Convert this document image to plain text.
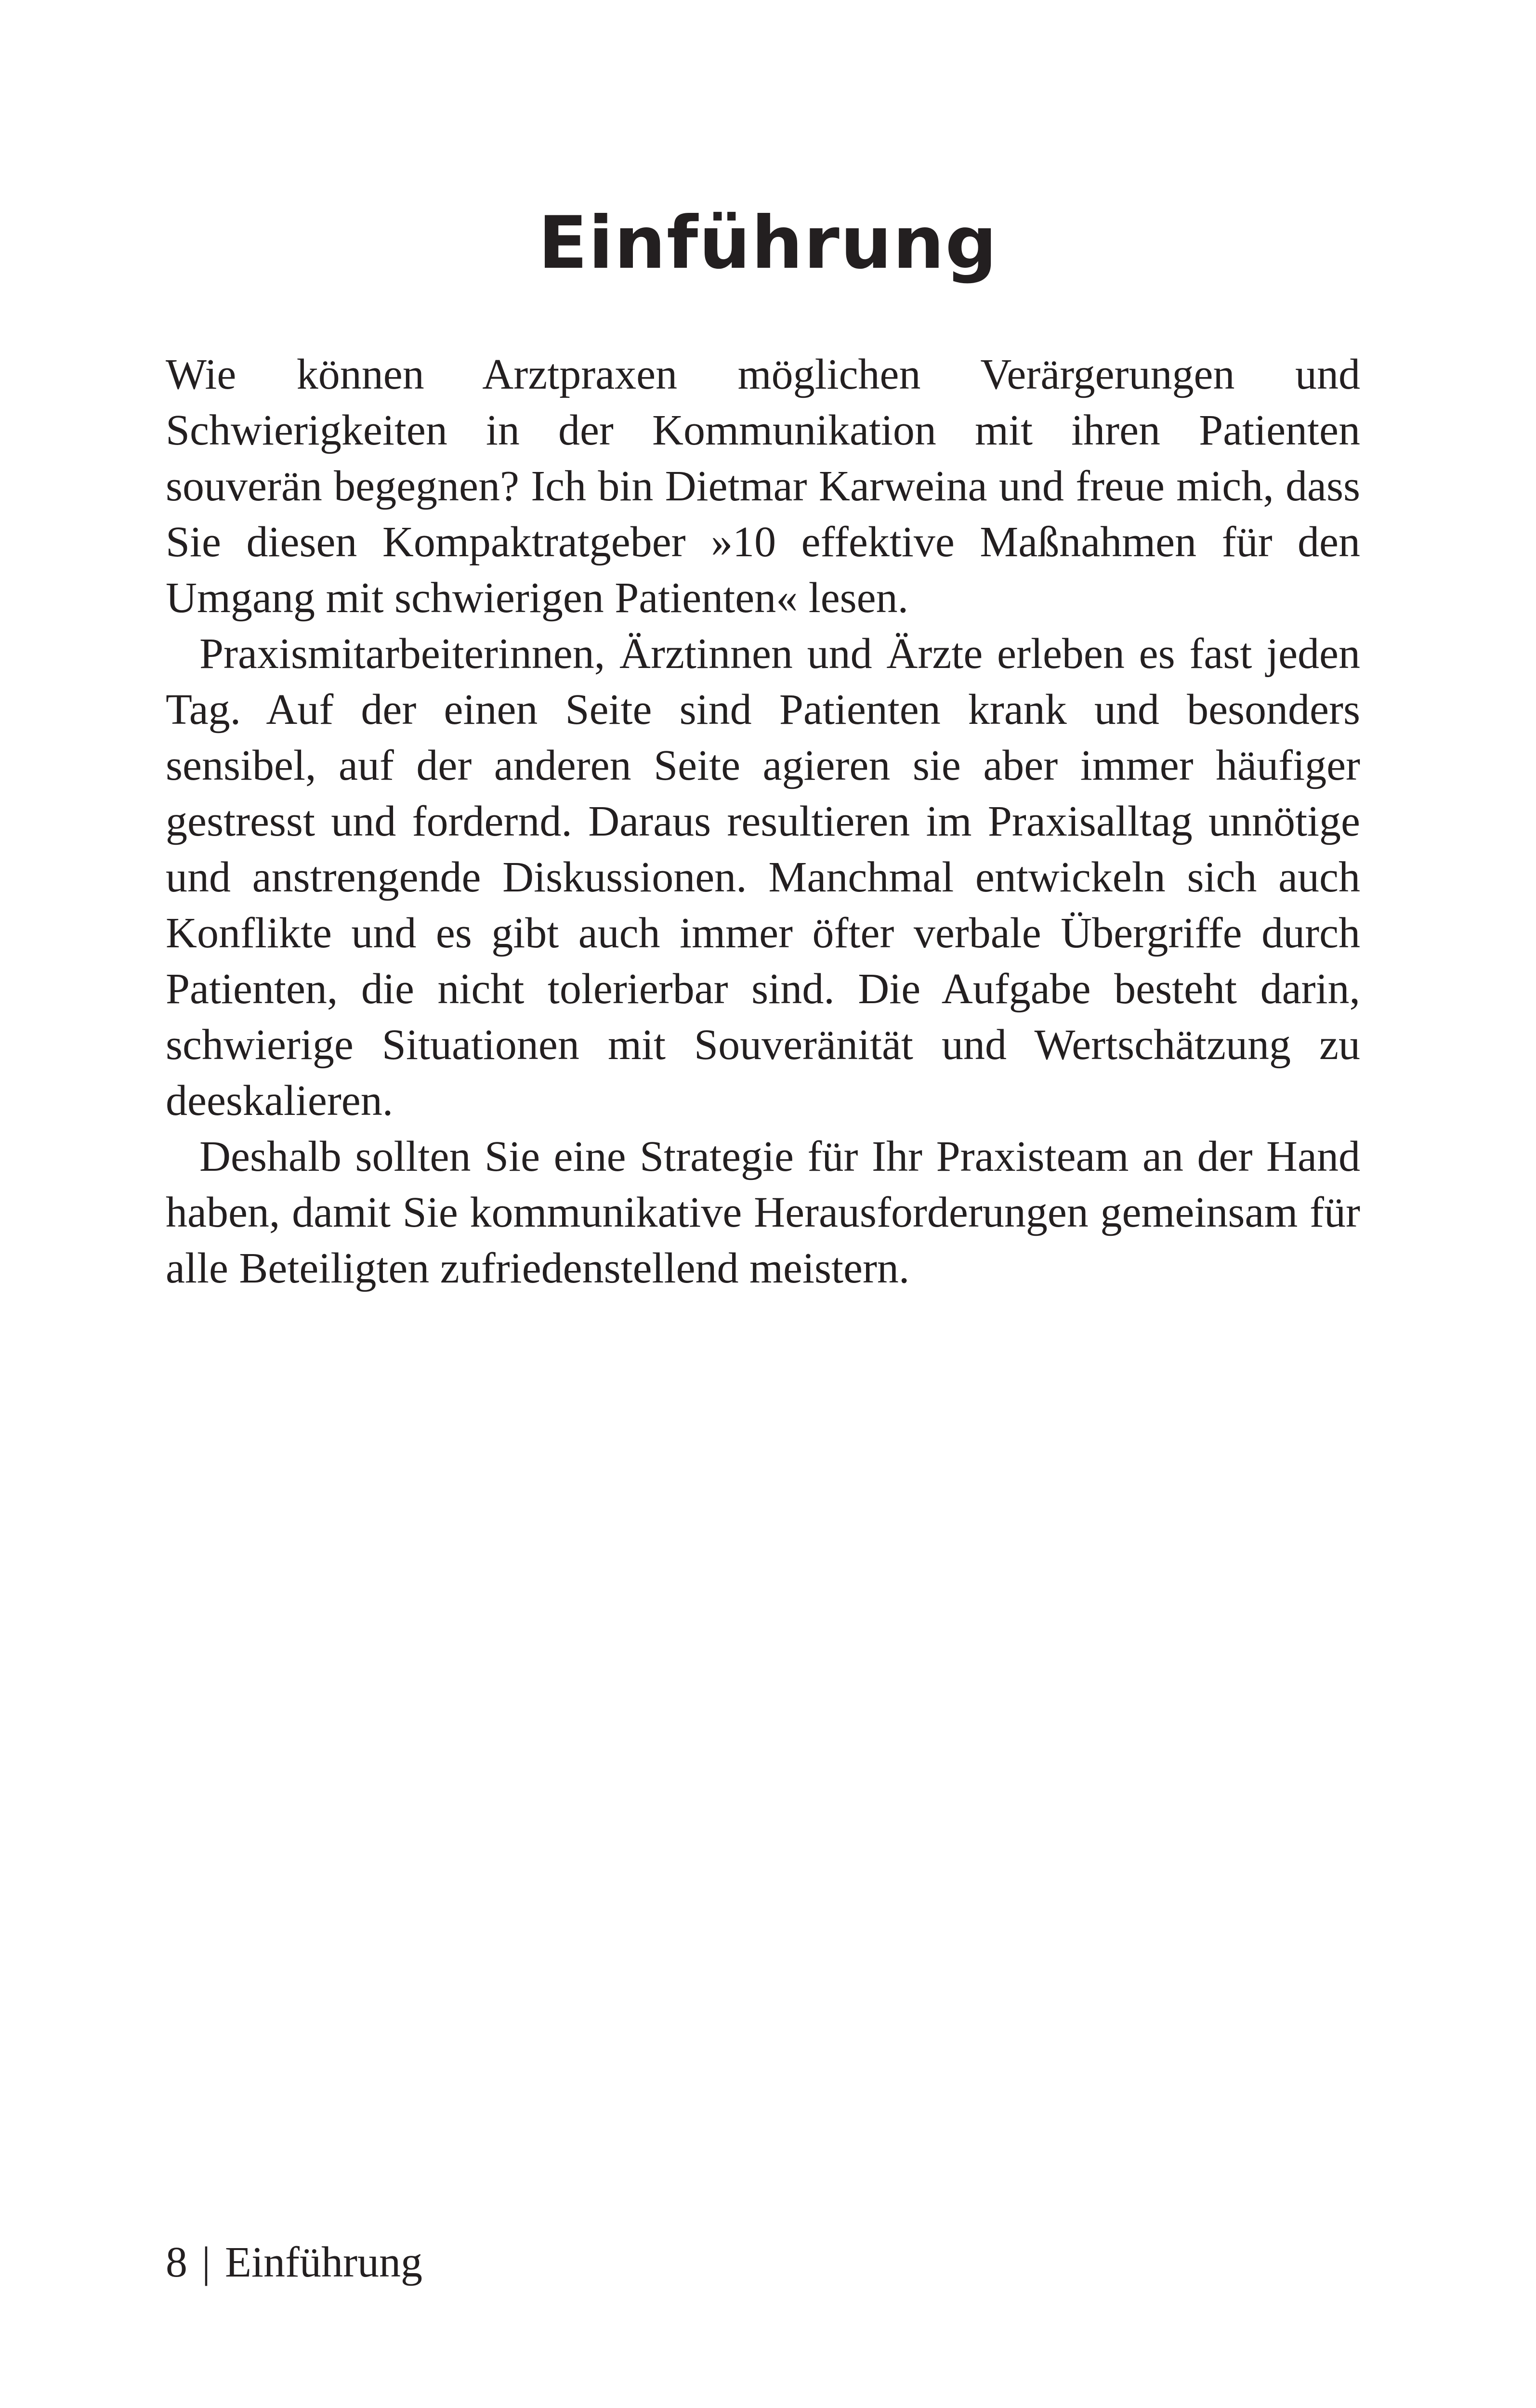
Einführung

Wie können Arztpraxen möglichen Verärgerungen und Schwierigkeiten in der Kommunikation mit ihren Patienten souverän begegnen? Ich bin Dietmar Karweina und freue mich, dass Sie diesen Kompaktratgeber »10 effektive Maßnahmen für den Umgang mit schwierigen Patienten« lesen.

Praxismitarbeiterinnen, Ärztinnen und Ärzte erleben es fast jeden Tag. Auf der einen Seite sind Patienten krank und besonders sensibel, auf der anderen Seite agieren sie aber immer häufiger gestresst und fordernd. Daraus resultieren im Praxisalltag unnötige und anstrengende Diskussionen. Manchmal entwickeln sich auch Konflikte und es gibt auch immer öfter verbale Übergriffe durch Patienten, die nicht tolerierbar sind. Die Aufgabe besteht darin, schwierige Situationen mit Souveränität und Wertschätzung zu deeskalieren.

Deshalb sollten Sie eine Strategie für Ihr Praxisteam an der Hand haben, damit Sie kommunikative Herausforderungen gemeinsam für alle Beteiligten zufriedenstellend meistern.

8 | Einführung
